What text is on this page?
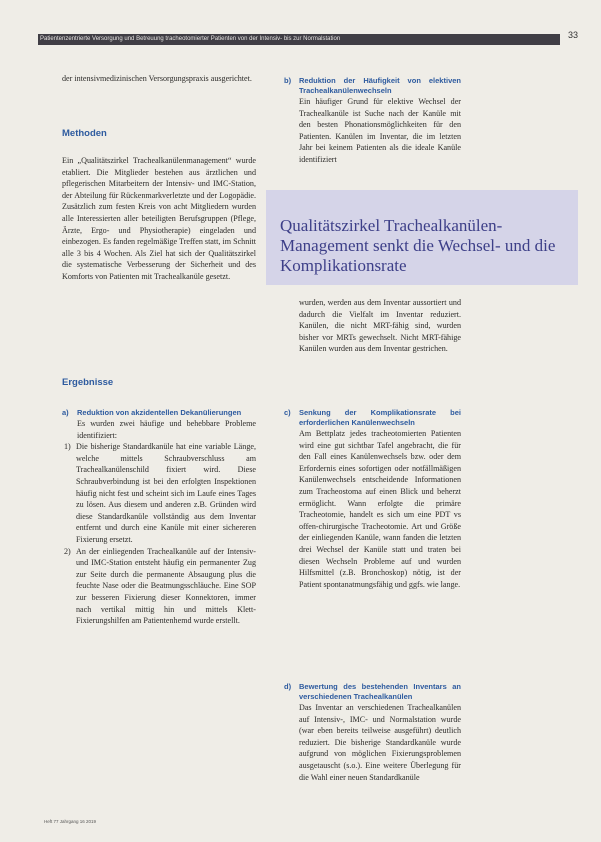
Patientenzentrierte Versorgung und Betreuung tracheotomierter Patienten von der Intensiv- bis zur Normalstation	33

der intensivmedizinischen Versorgungspraxis ausgerichtet.

Methoden

Ein „Qualitätszirkel Trachealkanülenmanagement“ wurde etabliert. Die Mitglieder bestehen aus ärztlichen und pflegerischen Mitarbeitern der Intensiv- und IMC-Station, der Abteilung für Rückenmarkverletzte und der Logopädie. Zusätzlich zum festen Kreis von acht Mitgliedern wurden alle Interessierten aller beteiligten Berufsgruppen (Pflege, Ärzte, Ergo- und Physiotherapie) eingeladen und einbezogen. Es fanden regelmäßige Treffen statt, im Schnitt alle 3 bis 4 Wochen. Als Ziel hat sich der Qualitätszirkel die systematische Verbesserung der Sicherheit und des Komforts von Patienten mit Trachealkanüle gesetzt.

Ergebnisse
a) Reduktion von akzidentellen Dekanülierungen

Es wurden zwei häufige und behebbare Probleme identifiziert:

1) Die bisherige Standardkanüle hat eine variable Länge, welche mittels Schraubverschluss am Trachealkanülenschild fixiert wird. Diese Schraubverbindung ist bei den erfolgten Inspektionen häufig nicht fest und scheint sich im Laufe eines Tages zu lösen. Aus diesem und anderen z.B. Gründen wird diese Standardkanüle vollständig aus dem Inventar entfernt und durch eine Kanüle mit einer sichereren Fixierung ersetzt.

2) An der einliegenden Trachealkanüle auf der Intensiv- und IMC-Station entsteht häufig ein permanenter Zug zur Seite durch die permanente Absaugung plus die feuchte Nase oder die Beatmungsschläuche. Eine SOP zur besseren Fixierung dieser Konnektoren, immer nach vertikal mittig hin und mittels Klett-Fixierungshilfen am Patientenhemd wurde erstellt.

b) Reduktion der Häufigkeit von elektiven Trachealkanülenwechseln

Ein häufiger Grund für elektive Wechsel der Trachealkanüle ist Suche nach der Kanüle mit den besten Phonationsmöglichkeiten für den Patienten. Kanülen im Inventar, die im letzten Jahr bei keinem Patienten als die ideale Kanüle identifiziert

Qualitätszirkel Trachealkanülen-Management senkt die Wechsel- und die Komplikationsrate

wurden, werden aus dem Inventar aussortiert und dadurch die Vielfalt im Inventar reduziert. Kanülen, die nicht MRT-fähig sind, wurden bisher vor MRTs gewechselt. Nicht MRT-fähige Kanülen wurden aus dem Inventar gestrichen.

c) Senkung der Komplikationsrate bei erforderlichen Kanülenwechseln

Am Bettplatz jedes tracheotomierten Patienten wird eine gut sichtbar Tafel angebracht, die für den Fall eines Kanülenwechsels bzw. oder dem Erfordernis eines sofortigen oder notfällmäßigen Kanülenwechsels entscheidende Informationen zum Tracheostoma auf einen Blick und beherzt ermöglicht. Wann erfolgte die primäre Tracheotomie, handelt es sich um eine PDT vs offen-chirurgische Tracheotomie. Art und Größe der einliegenden Kanüle, wann fanden die letzten drei Wechsel der Kanüle statt und traten bei diesen Wechseln Probleme auf und wurden Hilfsmittel (z.B. Bronchoskop) nötig, ist der Patient spontanatmungsfähig und ggfs. wie lange.

d) Bewertung des bestehenden Inventars an verschiedenen Trachealkanülen

Das Inventar an verschiedenen Trachealkanülen auf Intensiv-, IMC- und Normalstation wurde (war eben bereits teilweise ausgeführt) deutlich reduziert. Die bisherige Standardkanüle wurde aufgrund von möglichen Fixierungsproblemen ausgetauscht (s.o.). Eine weitere Überlegung für die Wahl einer neuen Standardkanüle

Heft 77 Jahrgang 16 2019
